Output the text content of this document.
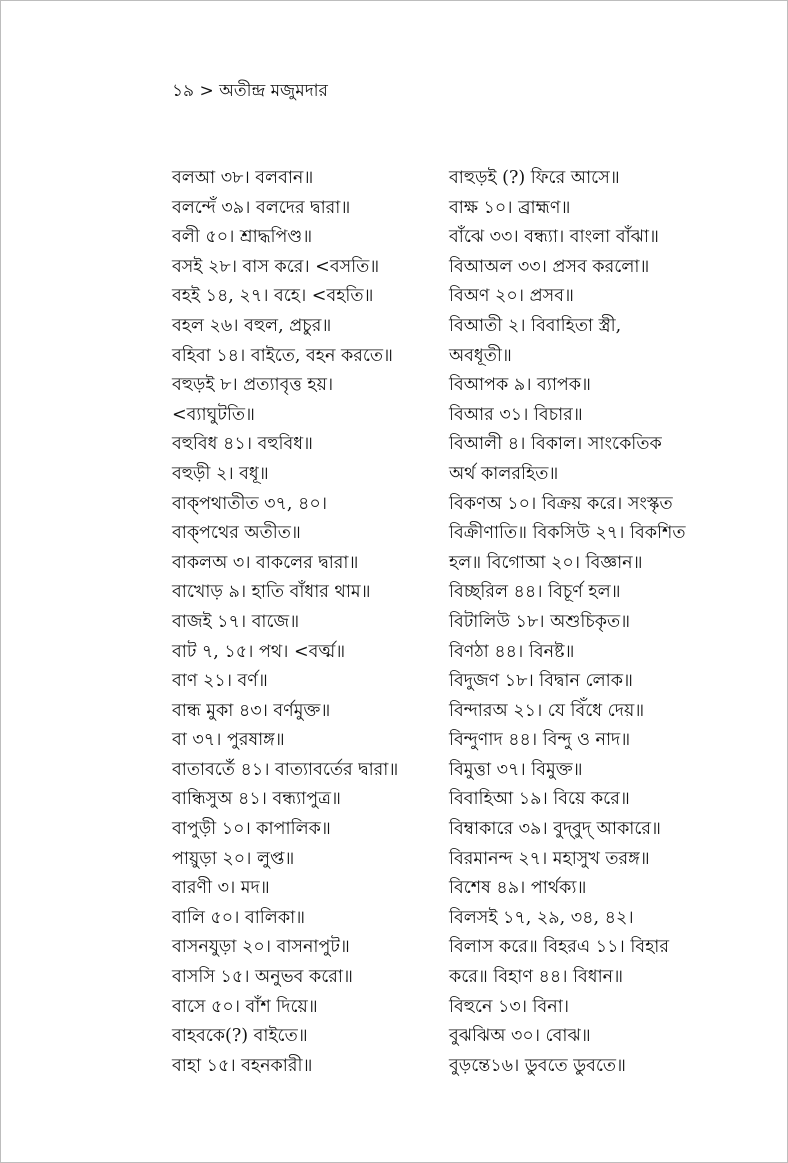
১৯ > অতীন্দ্র মজুমদার
বলআ ৩৮। বলবান॥
বলন্দেঁ ৩৯। বলদের দ্বারা॥
বলী ৫০। শ্রাদ্ধপিণ্ড॥
বসই ২৮। বাস করে। <বসতি॥
বহই ১৪, ২৭। বহে। <বহতি॥
বহল ২৬। বহুল, প্রচুর॥
বহিবা ১৪। বাইতে, বহন করতে॥
বহুড়ই ৮। প্রত্যাবৃত্ত হয়।
<ব্যাঘুটতি॥
বহুবিধ ৪১। বহুবিধ॥
বহুড়ী ২। বধূ॥
বাক্‌পথাতীত ৩৭, ৪০।
বাক্‌পথের অতীত॥
বাকলঅ ৩। বাকলের দ্বারা॥
বাখোড় ৯। হাতি বাঁধার থাম॥
বাজই ১৭। বাজে॥
বাট ৭, ১৫। পথ। <বর্ত্ম॥
বাণ ২১। বর্ণ॥
বান্ধ মুকা ৪৩। বর্ণমুক্ত॥
বা ৩৭। পুরষাঙ্গ॥
বাতাবর্তেঁ ৪১। বাত্যাবর্তের দ্বারা॥
বান্ধিসুঅ ৪১। বন্ধ্যাপুত্র॥
বাপুড়ী ১০। কাপালিক॥
পায়ুড়া ২০। লুপ্ত॥
বারণী ৩। মদ॥
বালি ৫০। বালিকা॥
বাসনযুড়া ২০। বাসনাপুট॥
বাসসি ১৫। অনুভব করো॥
বাসে ৫০। বাঁশ দিয়ে॥
বাহবকে(?) বাইতে॥
বাহা ১৫। বহনকারী॥
বাহুড়ই (?) ফিরে আসে॥
বাক্ষ ১০। ব্রাহ্মণ॥
বাঁঝে ৩৩। বন্ধ্যা। বাংলা বাঁঝা॥
বিআঅল ৩৩। প্রসব করলো॥
বিঅণ ২০। প্রসব॥
বিআতী ২। বিবাহিতা স্ত্রী,
অবধূতী॥
বিআপক ৯। ব্যাপক॥
বিআর ৩১। বিচার॥
বিআলী ৪। বিকাল। সাংকেতিক
অর্থ কালরহিত॥
বিকণঅ ১০। বিক্রয় করে। সংস্কৃত
বিক্রীণাতি॥ বিকসিউ ২৭। বিকশিত
হল॥ বিগোআ ২০। বিজ্ঞান॥
বিচ্ছরিল ৪৪। বিচূর্ণ হল॥
বিটালিউ ১৮। অশুচিকৃত॥
বিণঠা ৪৪। বিনষ্ট॥
বিদুজণ ১৮। বিদ্বান লোক॥
বিন্দারঅ ২১। যে বিঁধে দেয়॥
বিন্দুণাদ ৪৪। বিন্দু ও নাদ॥
বিমুত্তা ৩৭। বিমুক্ত॥
বিবাহিআ ১৯। বিয়ে করে॥
বিম্বাকারে ৩৯। বুদ্‌বুদ্ আকারে॥
বিরমানন্দ ২৭। মহাসুখ তরঙ্গ॥
বিশেষ ৪৯। পার্থক্য॥
বিলসই ১৭, ২৯, ৩৪, ৪২।
বিলাস করে॥ বিহরএ ১১। বিহার
করে॥ বিহাণ ৪৪। বিধান॥
বিহুনে ১৩। বিনা।
বুঝঝিঅ ৩০। বোঝ॥
বুড়ন্তে১৬। ডুবতে ডুবতে॥
